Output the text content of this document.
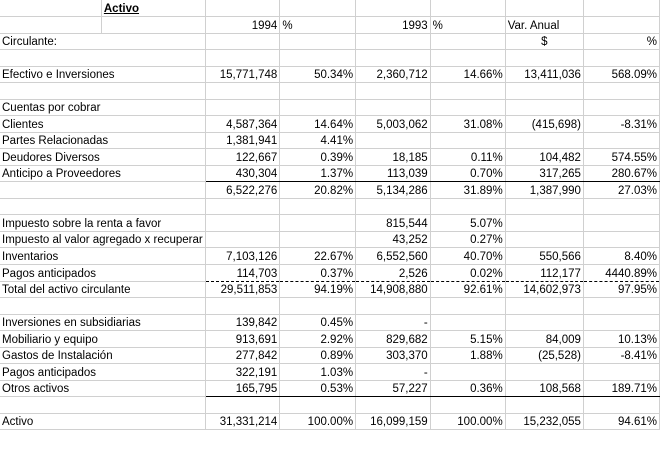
	Activo						
		1994	%	1993	%	Var. Anual	
Circulante:						$	%

Efectivo e Inversiones		15,771,748	50.34%	2,360,712	14.66%	13,411,036	568.09%

Cuentas por cobrar							
Clientes		4,587,364	14.64%	5,003,062	31.08%	(415,698)	-8.31%
Partes Relacionadas		1,381,941	4.41%				
Deudores Diversos		122,667	0.39%	18,185	0.11%	104,482	574.55%
Anticipo a Proveedores		430,304	1.37%	113,039	0.70%	317,265	280.67%
		6,522,276	20.82%	5,134,286	31.89%	1,387,990	27.03%

Impuesto sobre la renta a favor				815,544	5.07%		
Impuesto al valor agregado x recuperar				43,252	0.27%		
Inventarios		7,103,126	22.67%	6,552,560	40.70%	550,566	8.40%
Pagos anticipados		114,703	0.37%	2,526	0.02%	112,177	4440.89%
Total del activo circulante		29,511,853	94.19%	14,908,880	92.61%	14,602,973	97.95%

Inversiones en subsidiarias		139,842	0.45%	-			
Mobiliario y equipo		913,691	2.92%	829,682	5.15%	84,009	10.13%
Gastos de Instalación		277,842	0.89%	303,370	1.88%	(25,528)	-8.41%
Pagos anticipados		322,191	1.03%	-			
Otros activos		165,795	0.53%	57,227	0.36%	108,568	189.71%

Activo		31,331,214	100.00%	16,099,159	100.00%	15,232,055	94.61%
